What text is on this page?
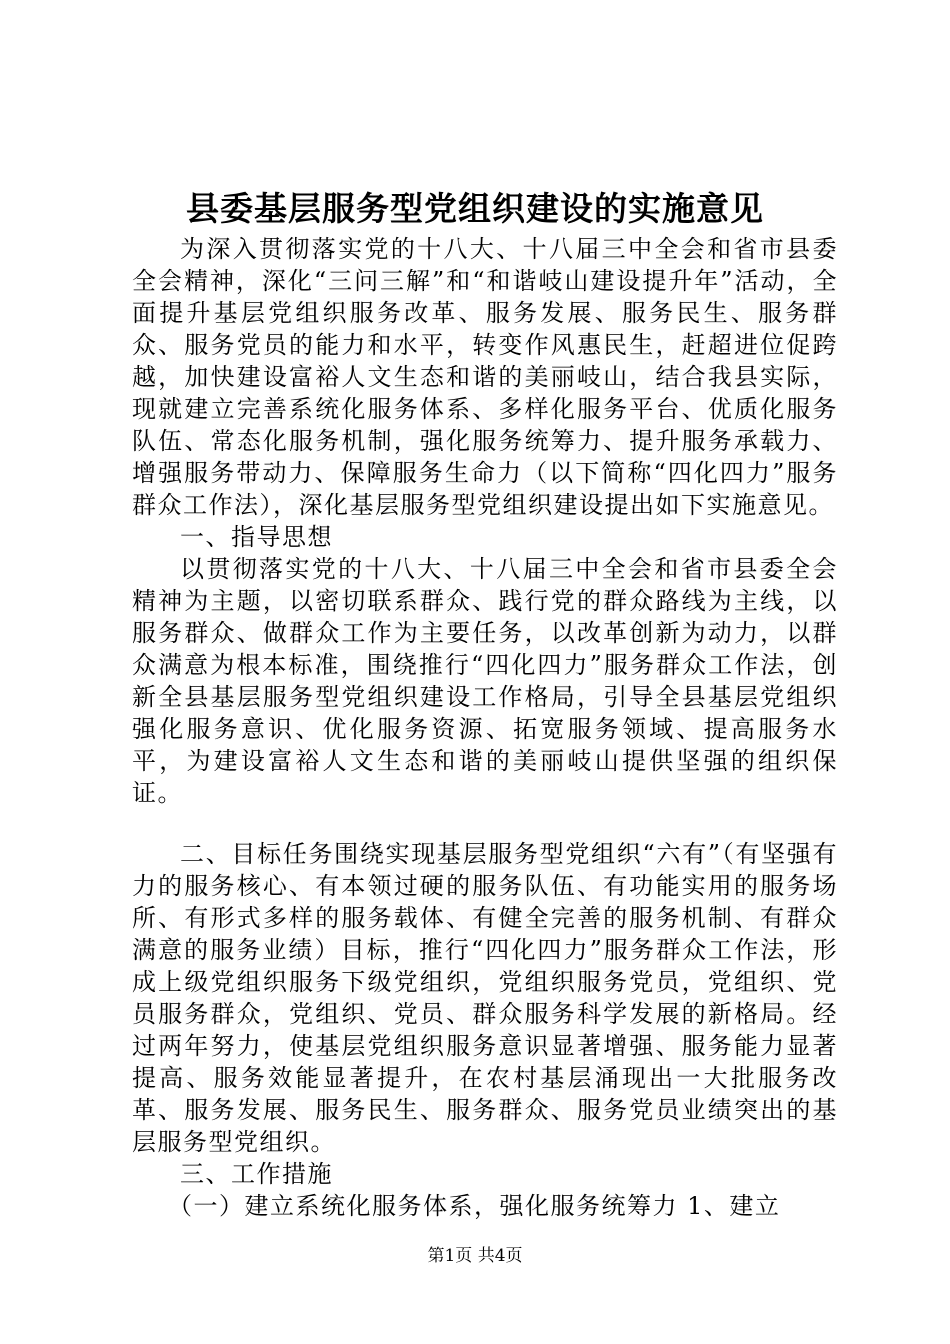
县委基层服务型党组织建设的实施意见

为深入贯彻落实党的十八大、十八届三中全会和省市县委全会精神，深化“三问三解”和“和谐岐山建设提升年”活动，全面提升基层党组织服务改革、服务发展、服务民生、服务群众、服务党员的能力和水平，转变作风惠民生，赶超进位促跨越，加快建设富裕人文生态和谐的美丽岐山，结合我县实际，现就建立完善系统化服务体系、多样化服务平台、优质化服务队伍、常态化服务机制，强化服务统筹力、提升服务承载力、增强服务带动力、保障服务生命力（以下简称“四化四力”服务群众工作法），深化基层服务型党组织建设提出如下实施意见。

一、指导思想

以贯彻落实党的十八大、十八届三中全会和省市县委全会精神为主题，以密切联系群众、践行党的群众路线为主线，以服务群众、做群众工作为主要任务，以改革创新为动力，以群众满意为根本标准，围绕推行“四化四力”服务群众工作法，创新全县基层服务型党组织建设工作格局，引导全县基层党组织强化服务意识、优化服务资源、拓宽服务领域、提高服务水平，为建设富裕人文生态和谐的美丽岐山提供坚强的组织保证。

二、目标任务围绕实现基层服务型党组织“六有”（有坚强有力的服务核心、有本领过硬的服务队伍、有功能实用的服务场所、有形式多样的服务载体、有健全完善的服务机制、有群众满意的服务业绩）目标，推行“四化四力”服务群众工作法，形成上级党组织服务下级党组织，党组织服务党员，党组织、党员服务群众，党组织、党员、群众服务科学发展的新格局。经过两年努力，使基层党组织服务意识显著增强、服务能力显著提高、服务效能显著提升，在农村基层涌现出一大批服务改革、服务发展、服务民生、服务群众、服务党员业绩突出的基层服务型党组织。

三、工作措施

（一）建立系统化服务体系，强化服务统筹力 1、建立

第1页 共4页
